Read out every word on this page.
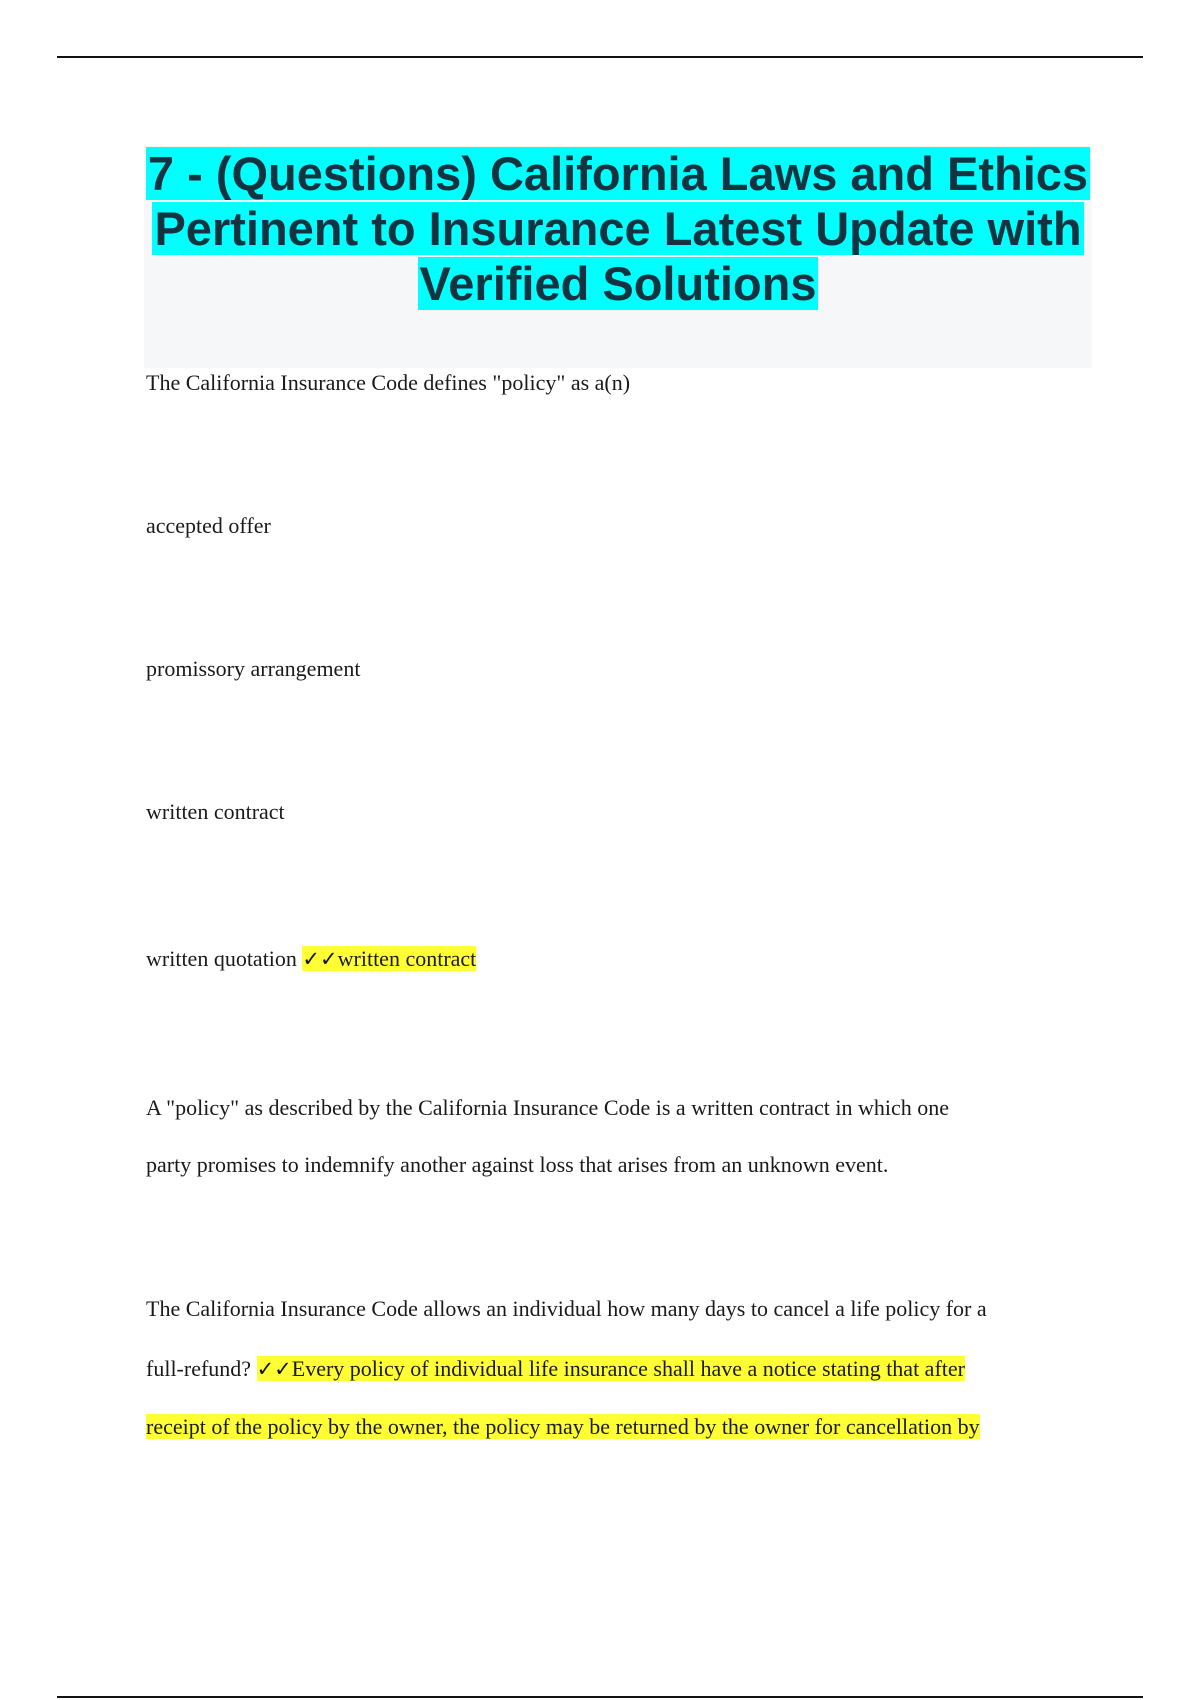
7 - (Questions) California Laws and Ethics Pertinent to Insurance Latest Update with Verified Solutions
The California Insurance Code defines "policy" as a(n)
accepted offer
promissory arrangement
written contract
written quotation ✓✓written contract
A "policy" as described by the California Insurance Code is a written contract in which one
party promises to indemnify another against loss that arises from an unknown event.
The California Insurance Code allows an individual how many days to cancel a life policy for a
full-refund? ✓✓Every policy of individual life insurance shall have a notice stating that after
receipt of the policy by the owner, the policy may be returned by the owner for cancellation by
